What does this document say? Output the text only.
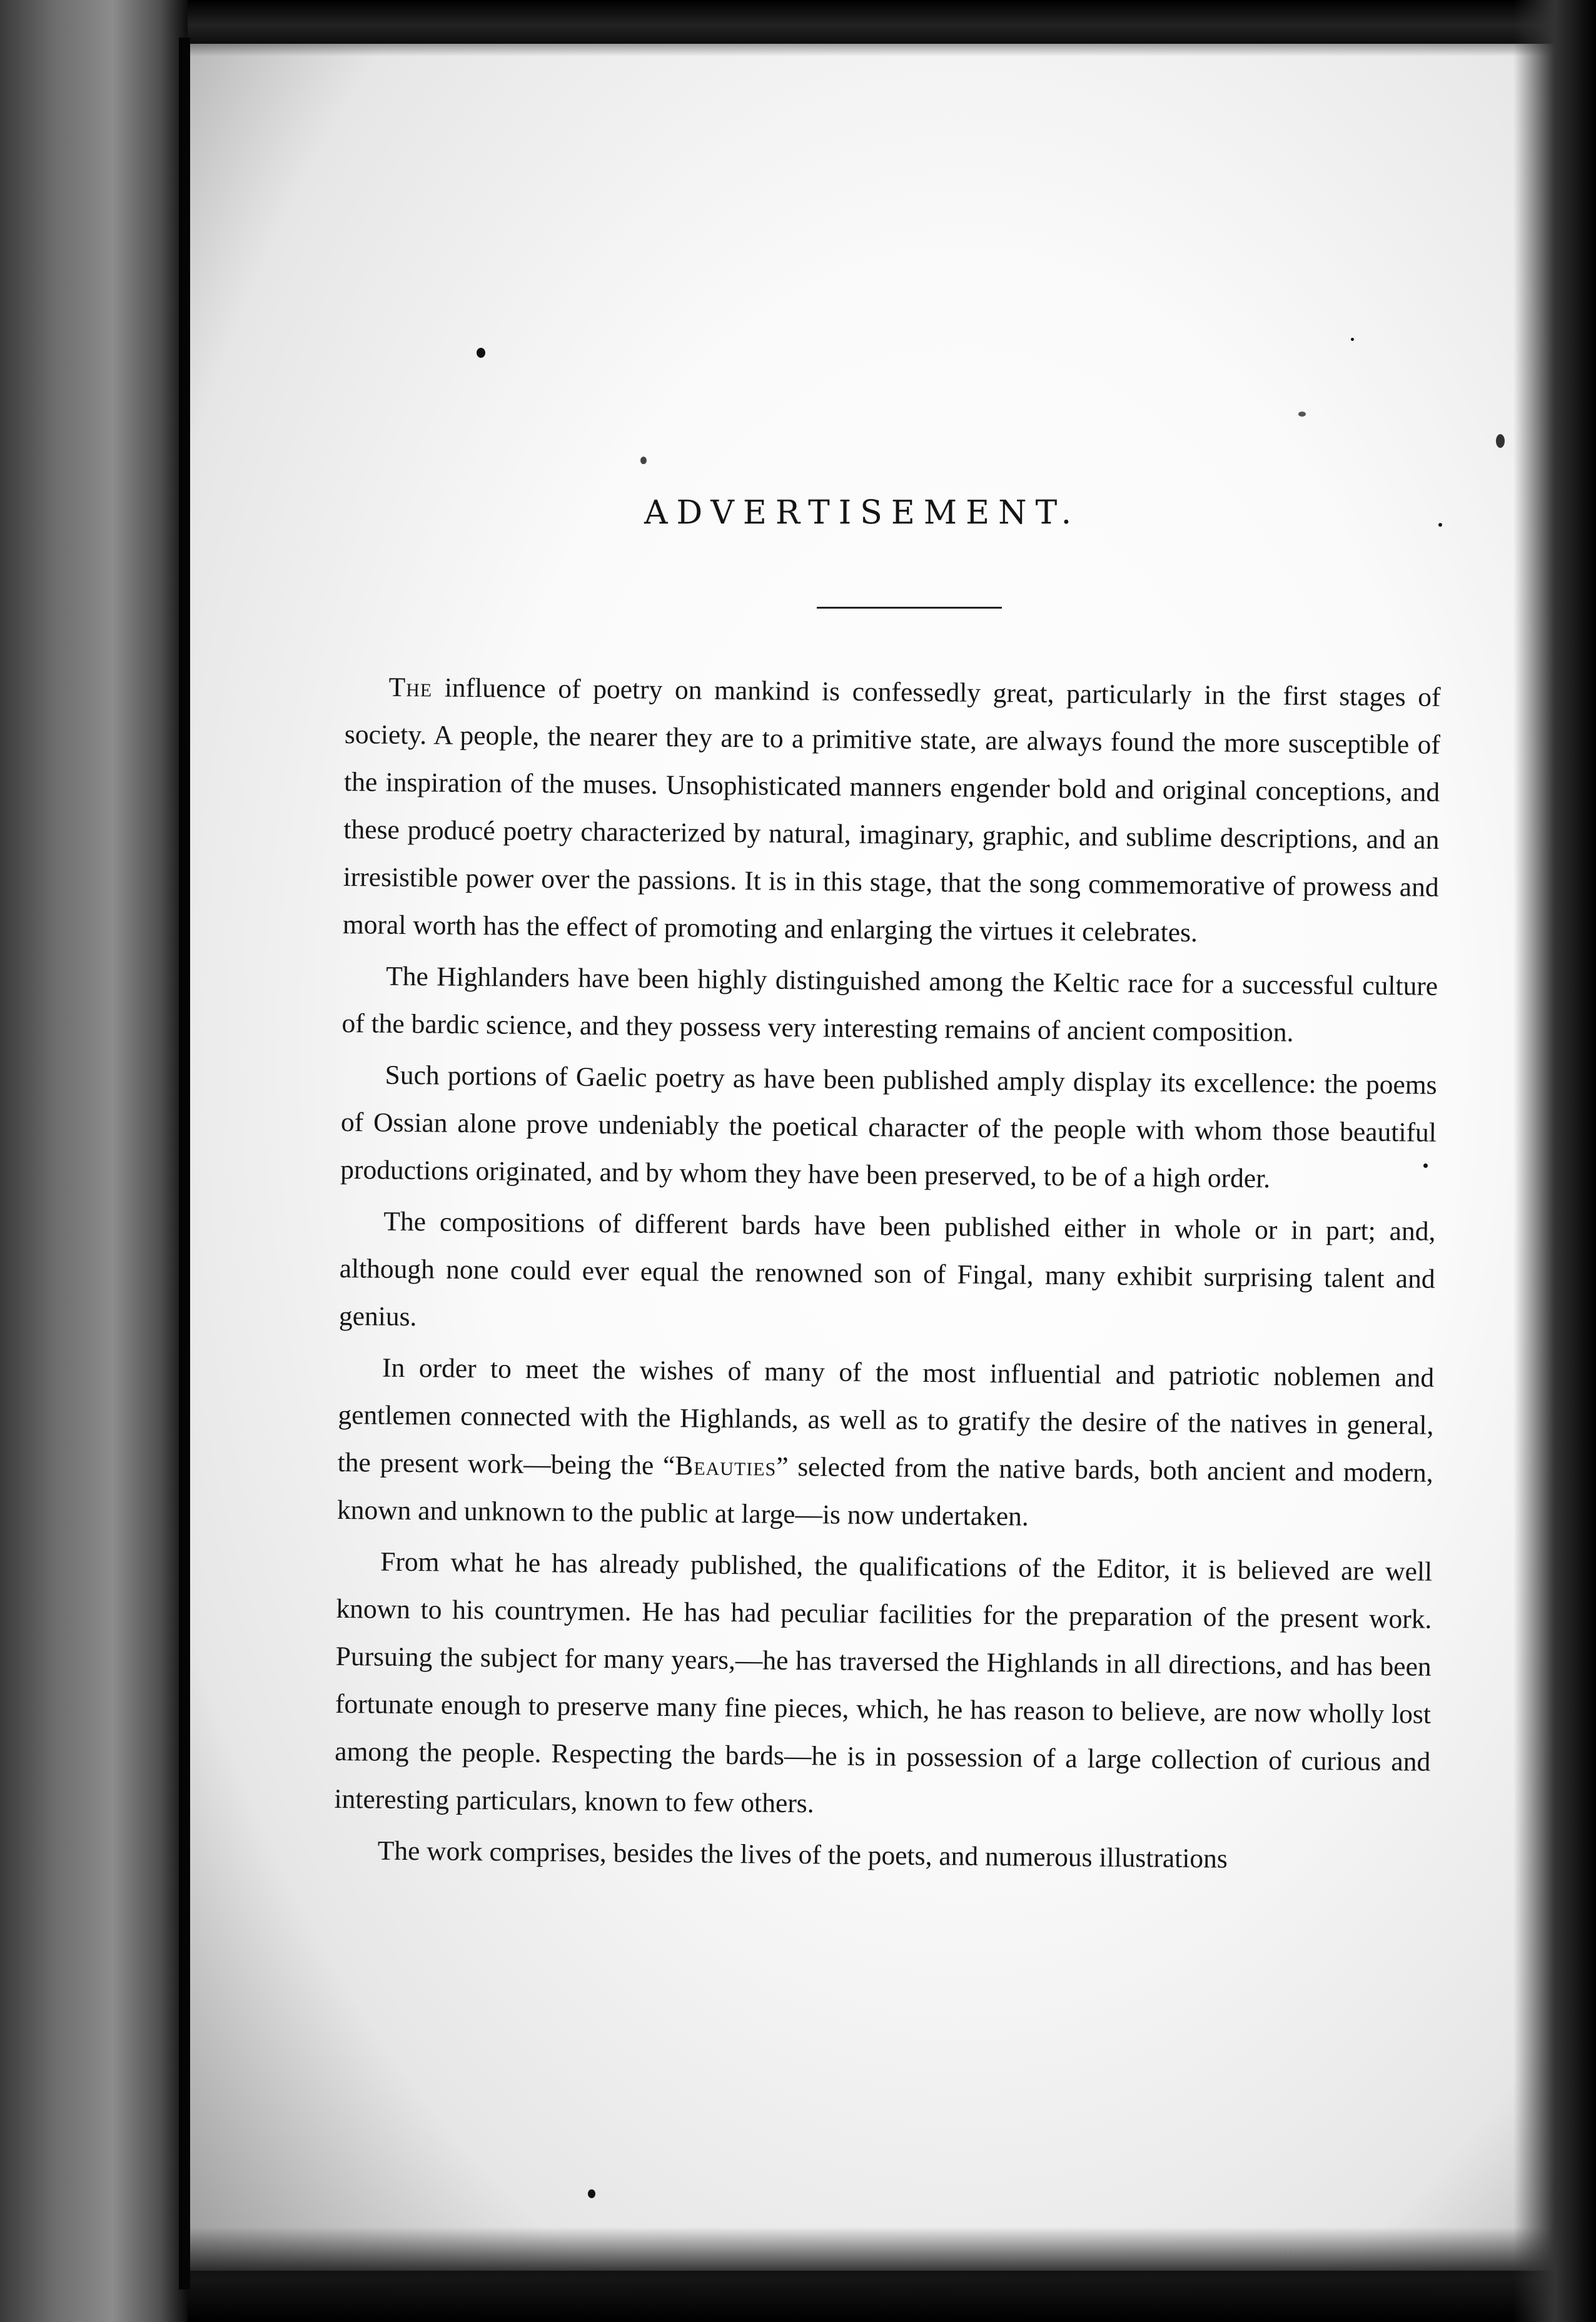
ADVERTISEMENT.

The influence of poetry on mankind is confessedly great, particularly in the first stages of society. A people, the nearer they are to a primitive state, are always found the more susceptible of the inspiration of the muses. Unsophisticated manners engender bold and original conceptions, and these producé poetry characterized by natural, imaginary, graphic, and sublime descriptions, and an irresistible power over the passions. It is in this stage, that the song commemorative of prowess and moral worth has the effect of promoting and enlarging the virtues it celebrates.

The Highlanders have been highly distinguished among the Keltic race for a successful culture of the bardic science, and they possess very interesting remains of ancient composition.

Such portions of Gaelic poetry as have been published amply display its excellence: the poems of Ossian alone prove undeniably the poetical character of the people with whom those beautiful productions originated, and by whom they have been preserved, to be of a high order.

The compositions of different bards have been published either in whole or in part; and, although none could ever equal the renowned son of Fingal, many exhibit surprising talent and genius.

In order to meet the wishes of many of the most influential and patriotic noblemen and gentlemen connected with the Highlands, as well as to gratify the desire of the natives in general, the present work—being the “Beauties” selected from the native bards, both ancient and modern, known and unknown to the public at large—is now undertaken.

From what he has already published, the qualifications of the Editor, it is believed are well known to his countrymen. He has had peculiar facilities for the preparation of the present work. Pursuing the subject for many years,—he has traversed the Highlands in all directions, and has been fortunate enough to preserve many fine pieces, which, he has reason to believe, are now wholly lost among the people. Respecting the bards—he is in possession of a large collection of curious and interesting particulars, known to few others.

The work comprises, besides the lives of the poets, and numerous illustrations
